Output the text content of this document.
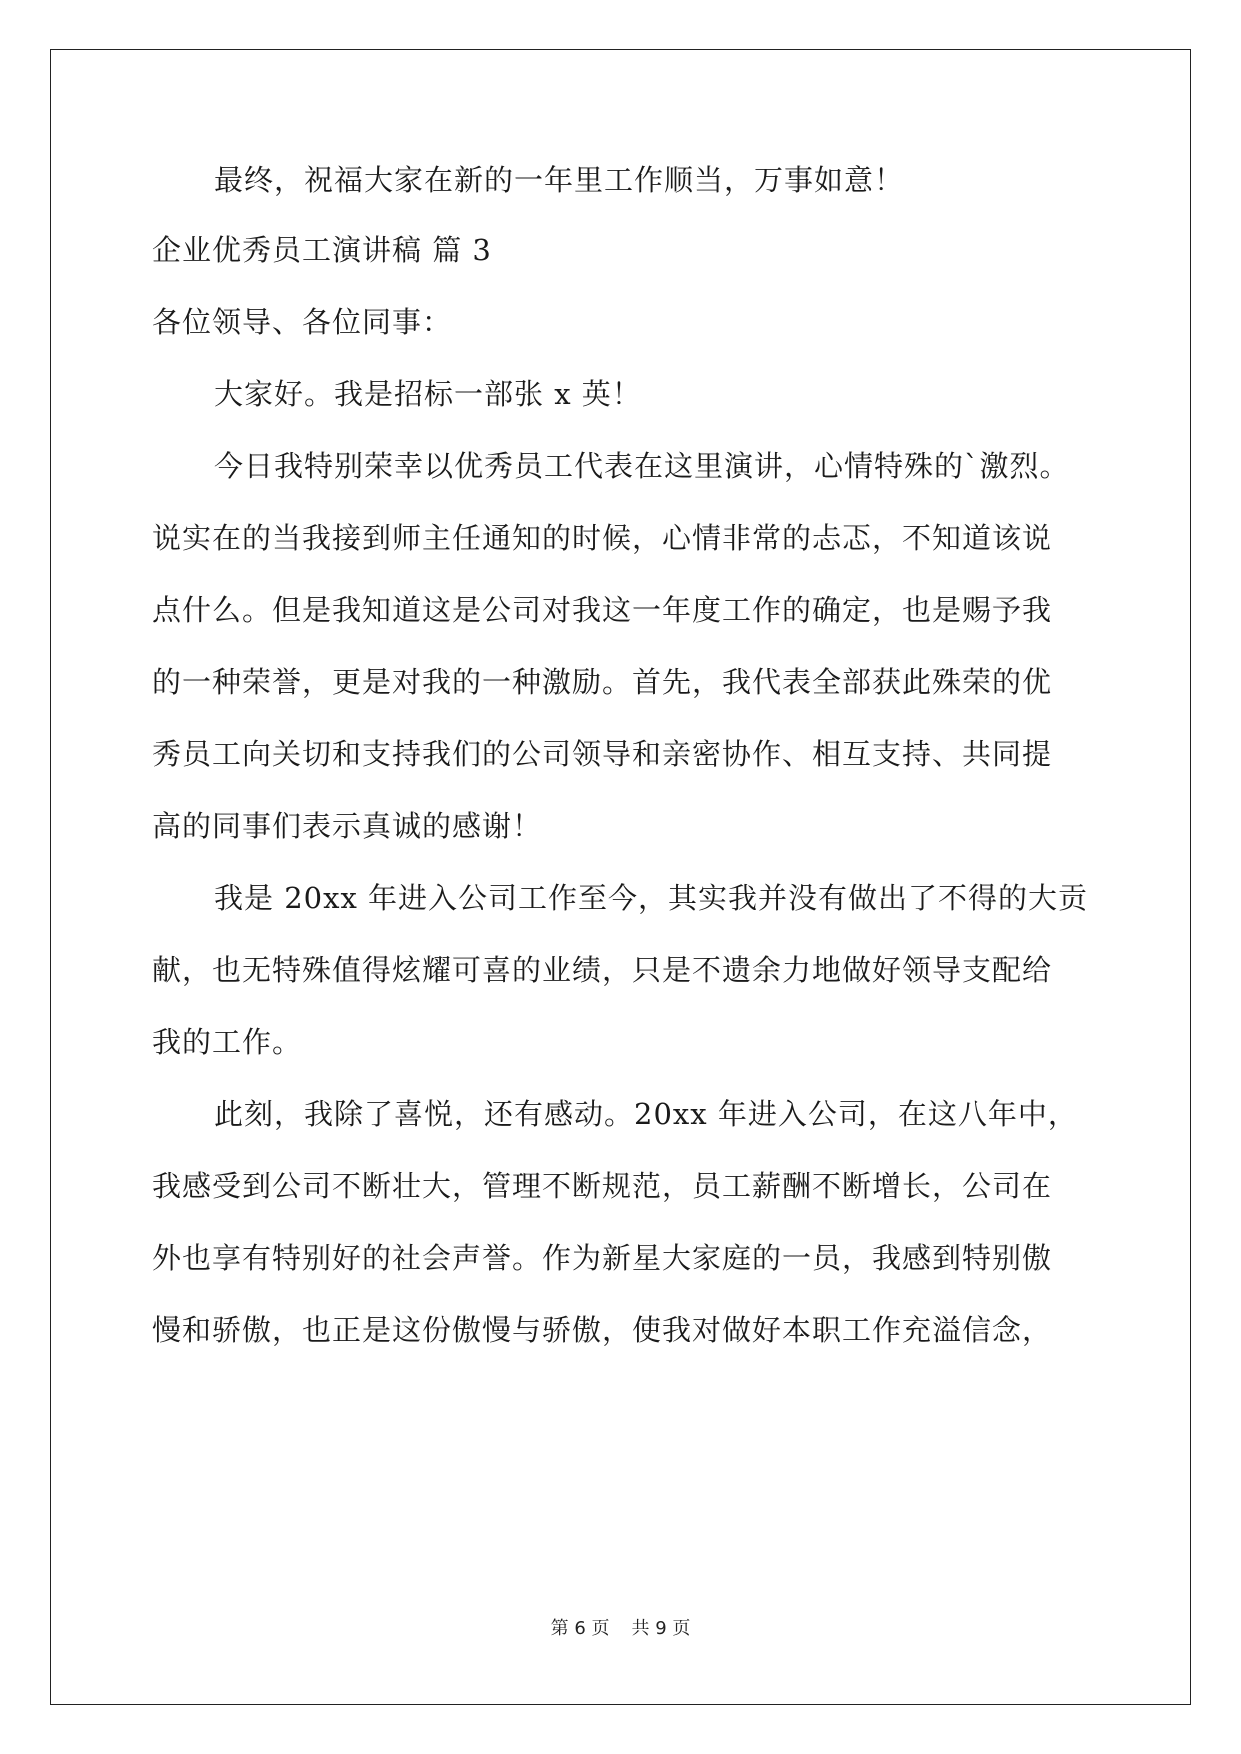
最终，祝福大家在新的一年里工作顺当，万事如意！
企业优秀员工演讲稿 篇 3
各位领导、各位同事：
大家好。我是招标一部张 x 英！
今日我特别荣幸以优秀员工代表在这里演讲，心情特殊的`激烈。
说实在的当我接到师主任通知的时候，心情非常的忐忑，不知道该说
点什么。但是我知道这是公司对我这一年度工作的确定，也是赐予我
的一种荣誉，更是对我的一种激励。首先，我代表全部获此殊荣的优
秀员工向关切和支持我们的公司领导和亲密协作、相互支持、共同提
高的同事们表示真诚的感谢！
我是 20xx 年进入公司工作至今，其实我并没有做出了不得的大贡
献，也无特殊值得炫耀可喜的业绩，只是不遗余力地做好领导支配给
我的工作。
此刻，我除了喜悦，还有感动。20xx 年进入公司，在这八年中，
我感受到公司不断壮大，管理不断规范，员工薪酬不断增长，公司在
外也享有特别好的社会声誉。作为新星大家庭的一员，我感到特别傲
慢和骄傲，也正是这份傲慢与骄傲，使我对做好本职工作充溢信念，
第 6 页 共 9 页
